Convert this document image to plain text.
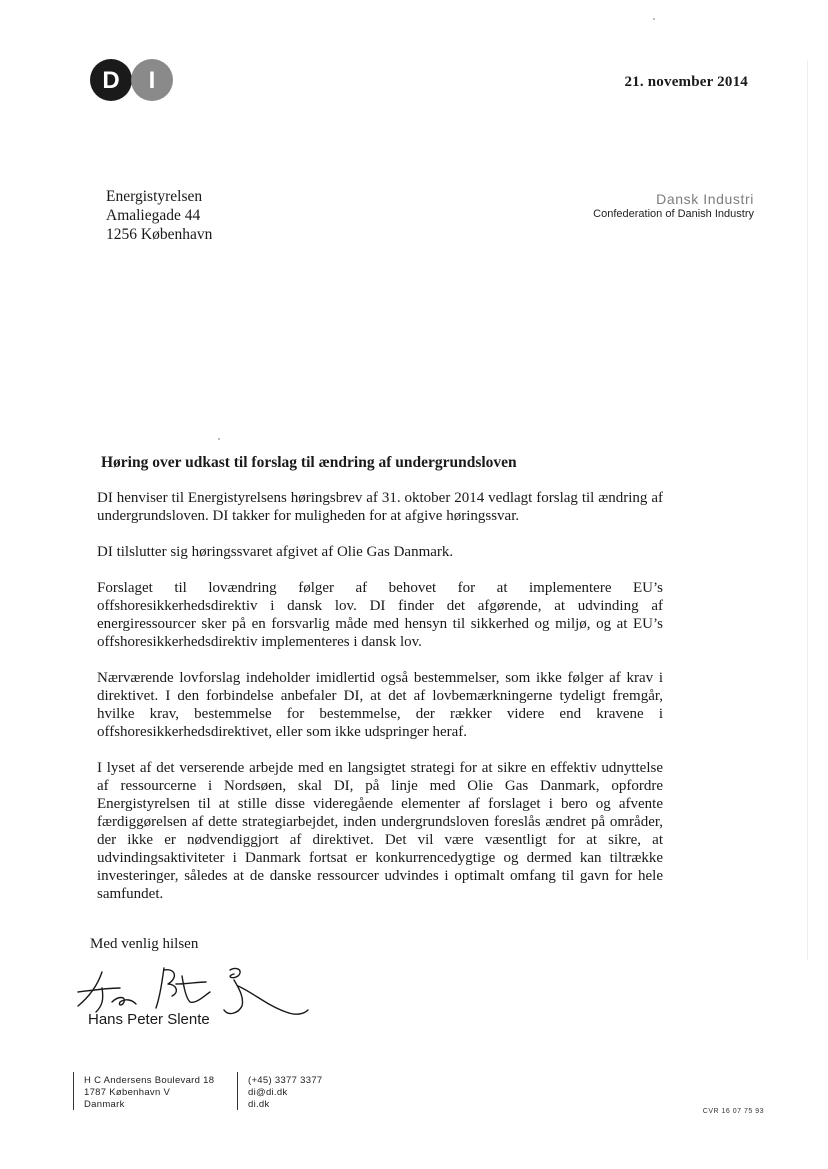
D I	21. november 2014
Energistyrelsen
Amaliegade 44
1256 København
Dansk Industri
Confederation of Danish Industry
Høring over udkast til forslag til ændring af undergrundsloven

DI henviser til Energistyrelsens høringsbrev af 31. oktober 2014 vedlagt forslag til ændring af undergrundsloven. DI takker for muligheden for at afgive høringssvar.

DI tilslutter sig høringssvaret afgivet af Olie Gas Danmark.

Forslaget til lovændring følger af behovet for at implementere EU’s offshoresikkerhedsdirektiv i dansk lov. DI finder det afgørende, at udvinding af energiressourcer sker på en forsvarlig måde med hensyn til sikkerhed og miljø, og at EU’s offshoresikkerhedsdirektiv implementeres i dansk lov.

Nærværende lovforslag indeholder imidlertid også bestemmelser, som ikke følger af krav i direktivet. I den forbindelse anbefaler DI, at det af lovbemærkningerne tydeligt fremgår, hvilke krav, bestemmelse for bestemmelse, der rækker videre end kravene i offshoresikkerhedsdirektivet, eller som ikke udspringer heraf.

I lyset af det verserende arbejde med en langsigtet strategi for at sikre en effektiv udnyttelse af ressourcerne i Nordsøen, skal DI, på linje med Olie Gas Danmark, opfordre Energistyrelsen til at stille disse videregående elementer af forslaget i bero og afvente færdiggørelsen af dette strategiarbejdet, inden undergrundsloven foreslås ændret på områder, der ikke er nødvendiggjort af direktivet. Det vil være væsentligt for at sikre, at udvindingsaktiviteter i Danmark fortsat er konkurrencedygtige og dermed kan tiltrække investeringer, således at de danske ressourcer udvindes i optimalt omfang til gavn for hele samfundet.

Med venlig hilsen
Hans Peter Slente
H C Andersens Boulevard 18
1787 København V
Danmark
(+45) 3377 3377
di@di.dk
di.dk
CVR 16 07 75 93
